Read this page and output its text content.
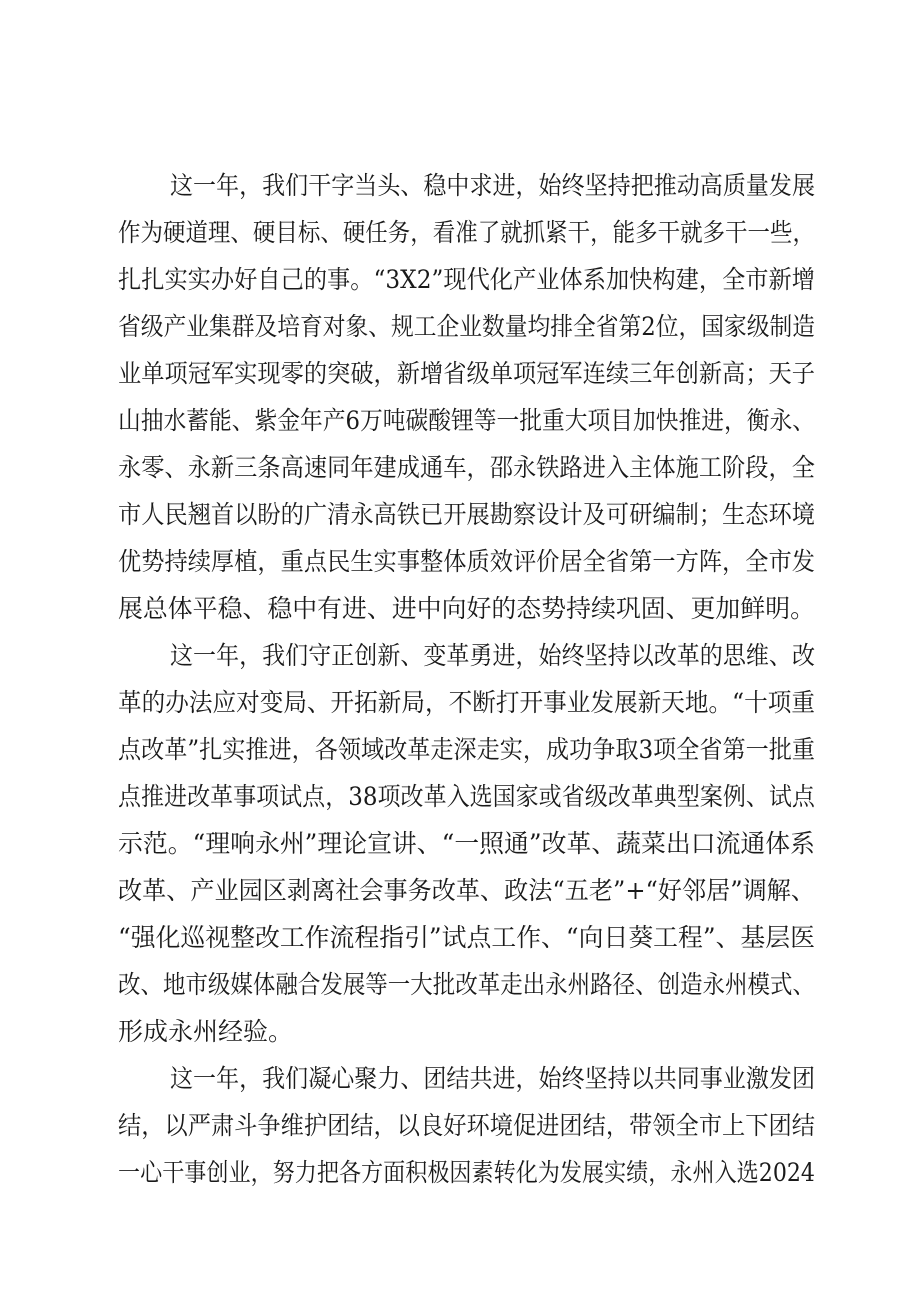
这一年，我们干字当头、稳中求进，始终坚持把推动高质量发展
作为硬道理、硬目标、硬任务，看准了就抓紧干，能多干就多干一些，
扎扎实实办好自己的事。“3X2”现代化产业体系加快构建，全市新增
省级产业集群及培育对象、规工企业数量均排全省第2位，国家级制造
业单项冠军实现零的突破，新增省级单项冠军连续三年创新高；天子
山抽水蓄能、紫金年产6万吨碳酸锂等一批重大项目加快推进，衡永、
永零、永新三条高速同年建成通车，邵永铁路进入主体施工阶段，全
市人民翘首以盼的广清永高铁已开展勘察设计及可研编制；生态环境
优势持续厚植，重点民生实事整体质效评价居全省第一方阵，全市发
展总体平稳、稳中有进、进中向好的态势持续巩固、更加鲜明。
这一年，我们守正创新、变革勇进，始终坚持以改革的思维、改
革的办法应对变局、开拓新局，不断打开事业发展新天地。“十项重
点改革”扎实推进，各领域改革走深走实，成功争取3项全省第一批重
点推进改革事项试点，38项改革入选国家或省级改革典型案例、试点
示范。“理响永州”理论宣讲、“一照通”改革、蔬菜出口流通体系
改革、产业园区剥离社会事务改革、政法“五老”+“好邻居”调解、
“强化巡视整改工作流程指引”试点工作、“向日葵工程”、基层医
改、地市级媒体融合发展等一大批改革走出永州路径、创造永州模式、
形成永州经验。
这一年，我们凝心聚力、团结共进，始终坚持以共同事业激发团
结，以严肃斗争维护团结，以良好环境促进团结，带领全市上下团结
一心干事创业，努力把各方面积极因素转化为发展实绩，永州入选2024
